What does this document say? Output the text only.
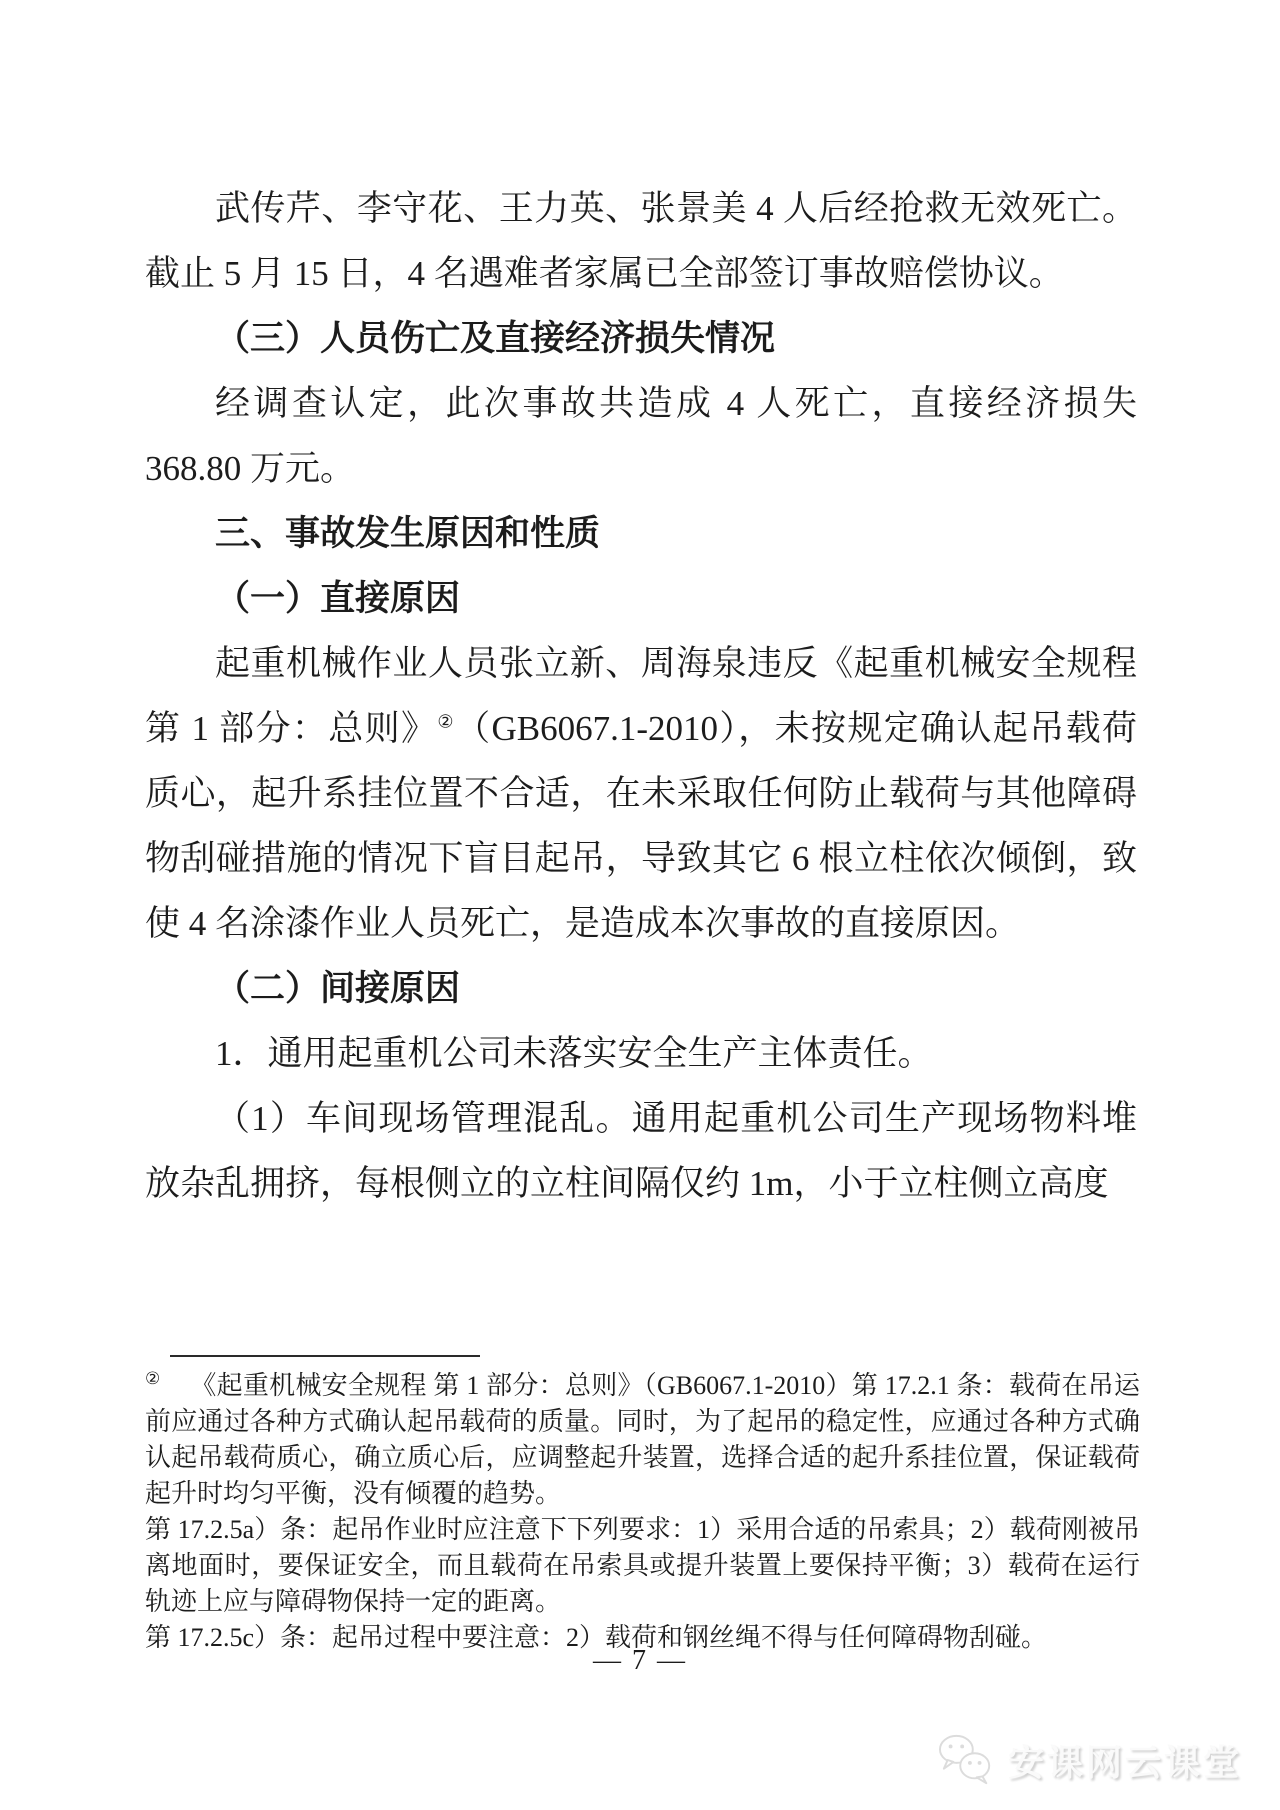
武传芹、李守花、王力英、张景美 4 人后经抢救无效死亡。截止 5 月 15 日，4 名遇难者家属已全部签订事故赔偿协议。

（三）人员伤亡及直接经济损失情况

经调查认定，此次事故共造成 4 人死亡，直接经济损失 368.80 万元。

三、事故发生原因和性质

（一）直接原因

起重机械作业人员张立新、周海泉违反《起重机械安全规程 第 1 部分：总则》②（GB6067.1-2010），未按规定确认起吊载荷质心，起升系挂位置不合适，在未采取任何防止载荷与其他障碍物刮碰措施的情况下盲目起吊，导致其它 6 根立柱依次倾倒，致使 4 名涂漆作业人员死亡，是造成本次事故的直接原因。

（二）间接原因

1．通用起重机公司未落实安全生产主体责任。

（1）车间现场管理混乱。通用起重机公司生产现场物料堆放杂乱拥挤，每根侧立的立柱间隔仅约 1m，小于立柱侧立高度

② 《起重机械安全规程 第 1 部分：总则》（GB6067.1-2010）第 17.2.1 条：载荷在吊运前应通过各种方式确认起吊载荷的质量。同时，为了起吊的稳定性，应通过各种方式确认起吊载荷质心，确立质心后，应调整起升装置，选择合适的起升系挂位置，保证载荷起升时均匀平衡，没有倾覆的趋势。

第 17.2.5a）条：起吊作业时应注意下下列要求：1）采用合适的吊索具；2）载荷刚被吊离地面时，要保证安全，而且载荷在吊索具或提升装置上要保持平衡；3）载荷在运行轨迹上应与障碍物保持一定的距离。

第 17.2.5c）条：起吊过程中要注意：2）载荷和钢丝绳不得与任何障碍物刮碰。

— 7 —
安课网云课堂
